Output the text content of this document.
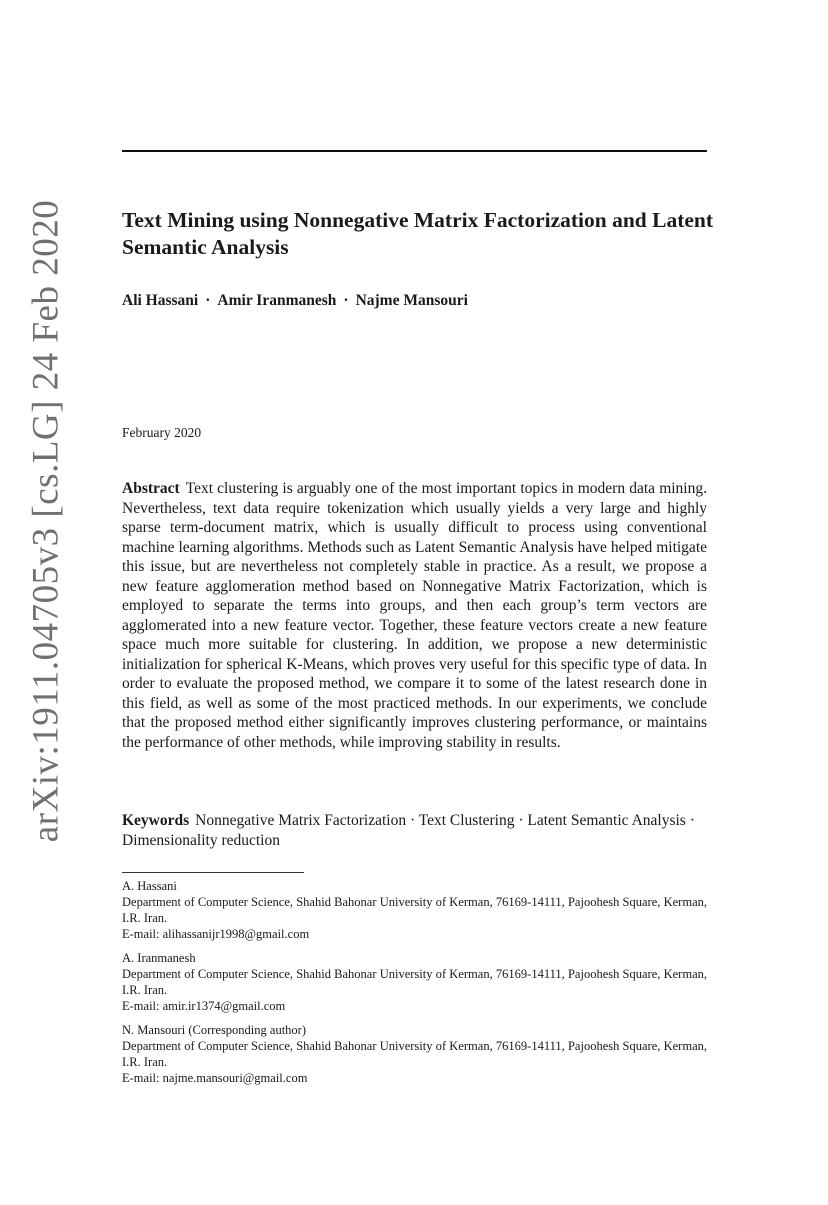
arXiv:1911.04705v3 [cs.LG] 24 Feb 2020	Text Mining using Nonnegative Matrix Factorization and Latent Semantic Analysis
Ali Hassani · Amir Iranmanesh · Najme Mansouri
February 2020
Abstract Text clustering is arguably one of the most important topics in modern data mining. Nevertheless, text data require tokenization which usually yields a very large and highly sparse term-document matrix, which is usually difficult to process using conventional machine learning algorithms. Methods such as Latent Semantic Analysis have helped mitigate this issue, but are nevertheless not completely stable in practice. As a result, we propose a new feature agglomeration method based on Nonnegative Matrix Factorization, which is employed to separate the terms into groups, and then each group’s term vectors are agglomerated into a new feature vector. Together, these feature vectors create a new feature space much more suitable for clustering. In addition, we propose a new deterministic initialization for spherical K-Means, which proves very useful for this specific type of data. In order to evaluate the proposed method, we compare it to some of the latest research done in this field, as well as some of the most practiced methods. In our experiments, we conclude that the proposed method either significantly improves clustering performance, or maintains the performance of other methods, while improving stability in results.
Keywords Nonnegative Matrix Factorization · Text Clustering · Latent Semantic Analysis · Dimensionality reduction
A. Hassani
Department of Computer Science, Shahid Bahonar University of Kerman, 76169-14111, Pajoohesh Square, Kerman, I.R. Iran.
E-mail: alihassanijr1998@gmail.com
A. Iranmanesh
Department of Computer Science, Shahid Bahonar University of Kerman, 76169-14111, Pajoohesh Square, Kerman, I.R. Iran.
E-mail: amir.ir1374@gmail.com
N. Mansouri (Corresponding author)
Department of Computer Science, Shahid Bahonar University of Kerman, 76169-14111, Pajoohesh Square, Kerman, I.R. Iran.
E-mail: najme.mansouri@gmail.com
